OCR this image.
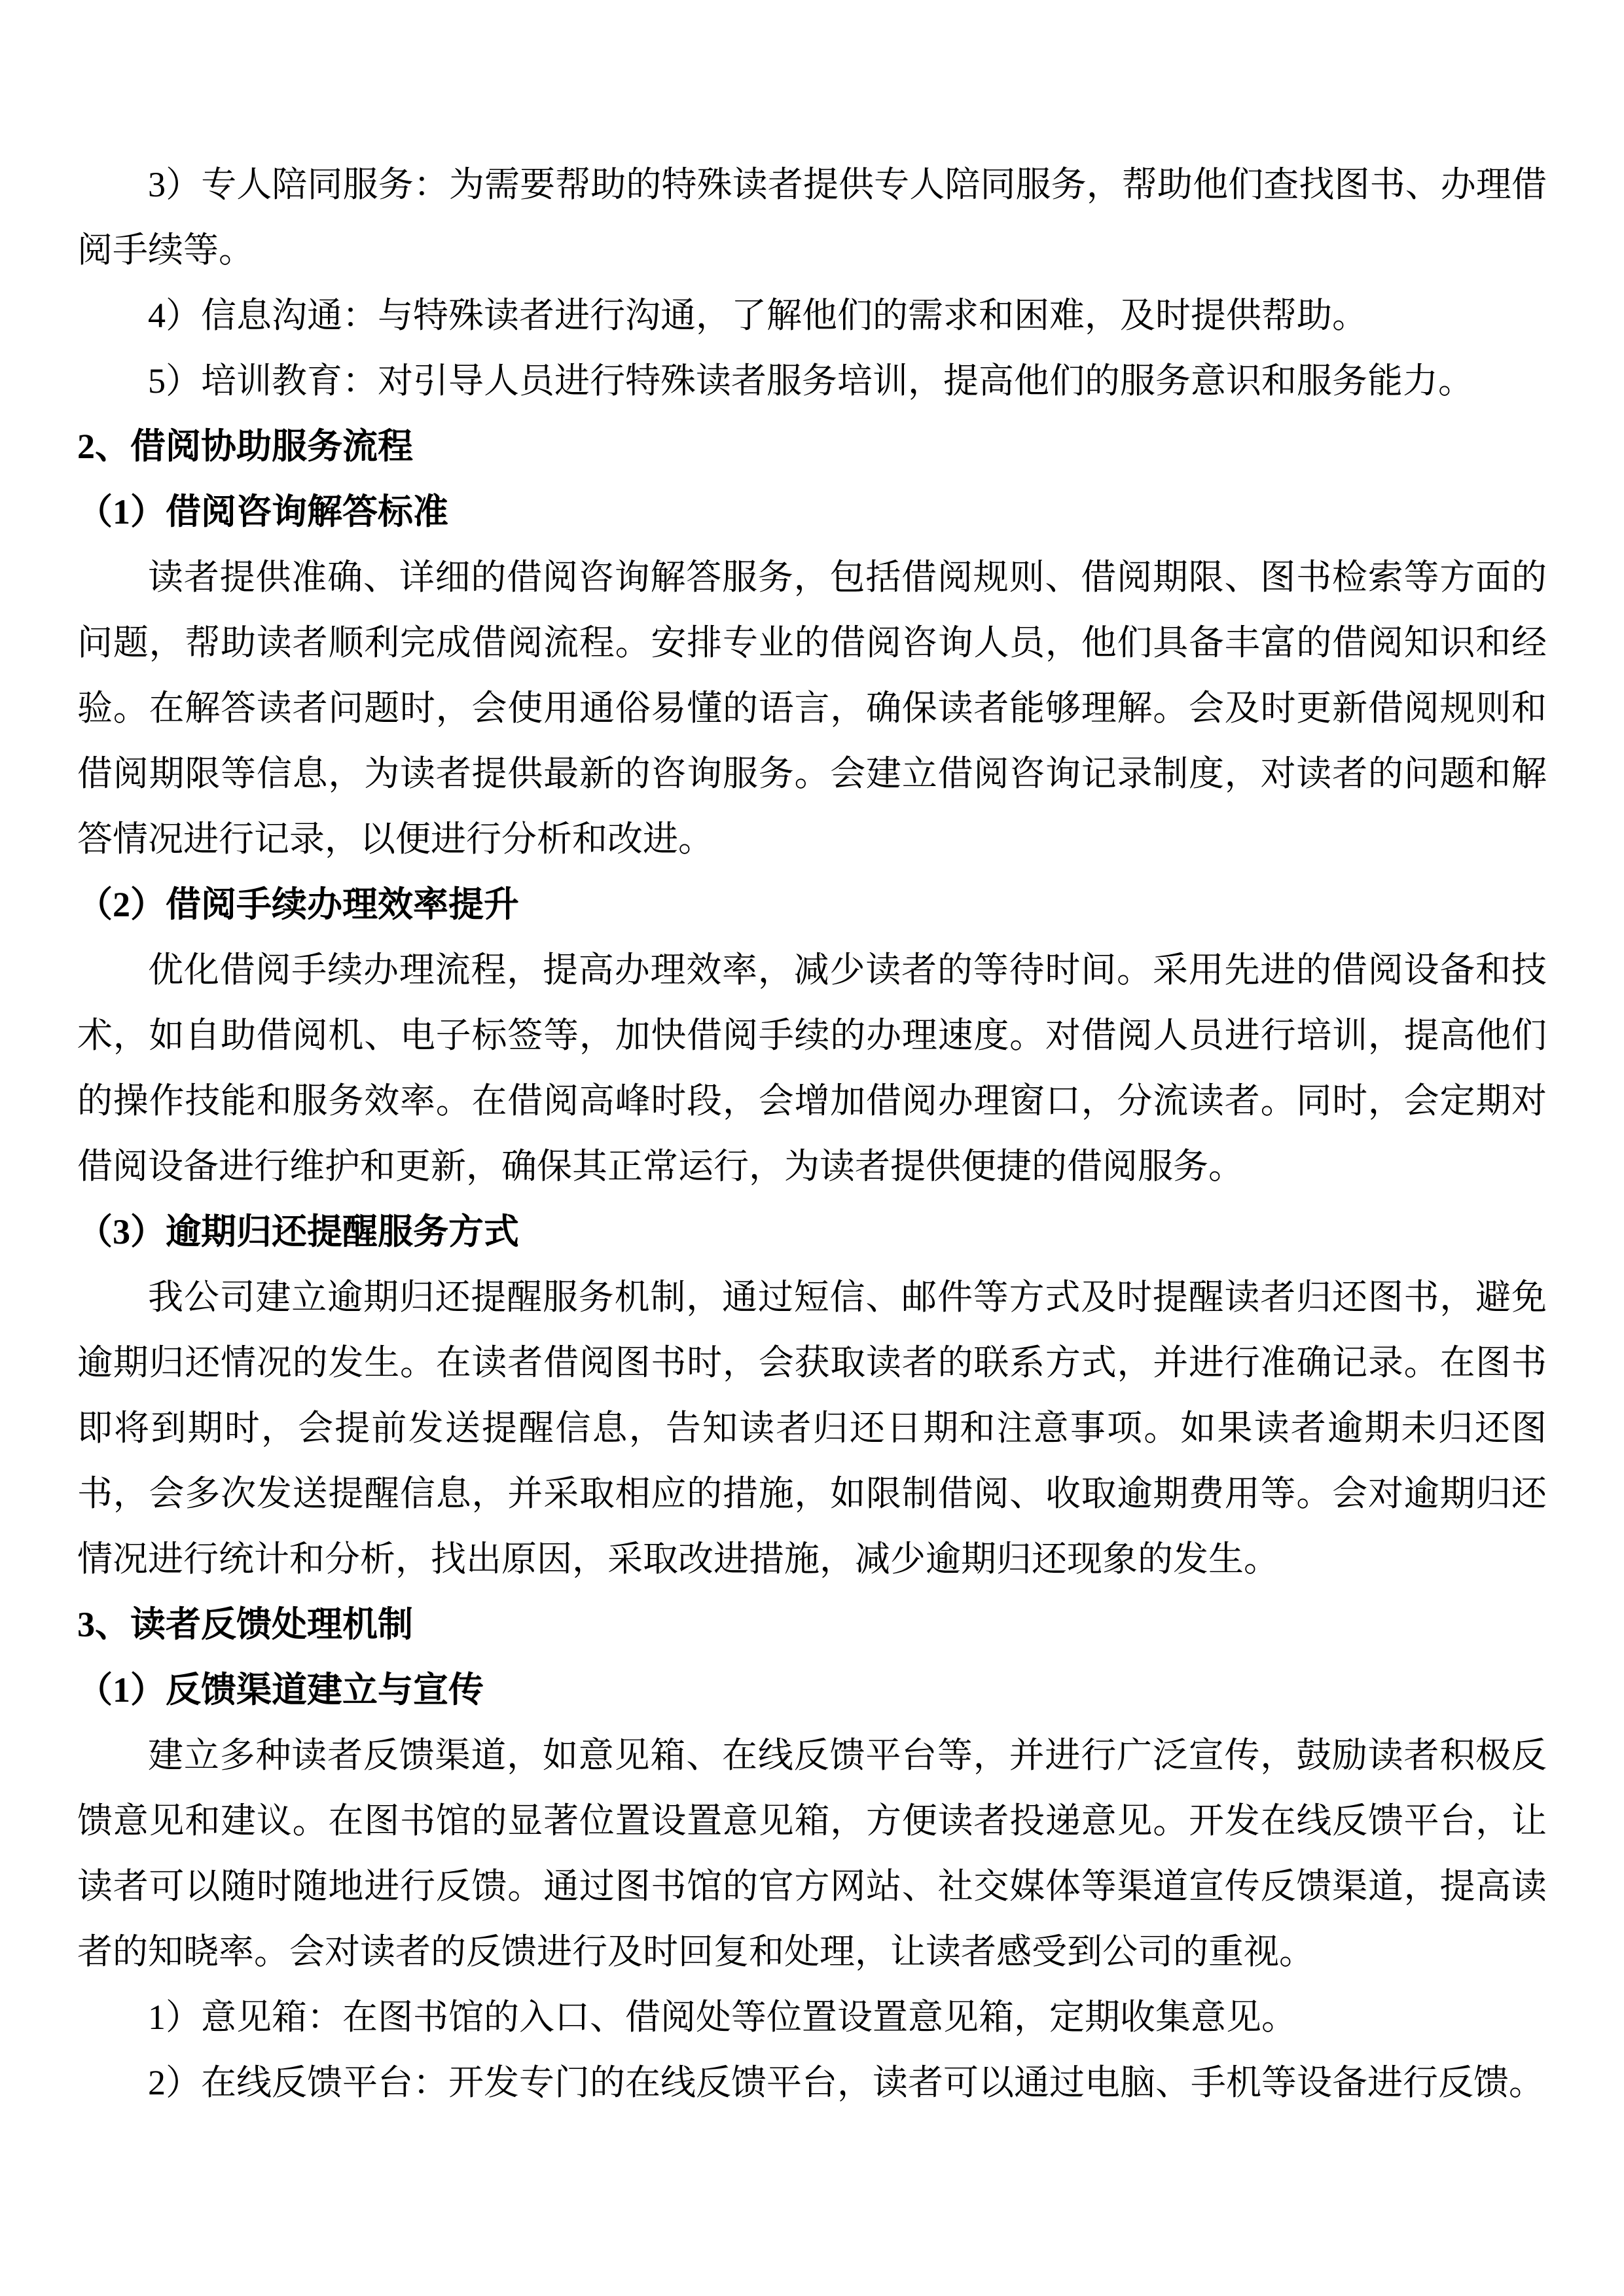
3）专人陪同服务：为需要帮助的特殊读者提供专人陪同服务，帮助他们查找图书、办理借阅手续等。

4）信息沟通：与特殊读者进行沟通，了解他们的需求和困难，及时提供帮助。

5）培训教育：对引导人员进行特殊读者服务培训，提高他们的服务意识和服务能力。

2、借阅协助服务流程
（1）借阅咨询解答标准

读者提供准确、详细的借阅咨询解答服务，包括借阅规则、借阅期限、图书检索等方面的问题，帮助读者顺利完成借阅流程。安排专业的借阅咨询人员，他们具备丰富的借阅知识和经验。在解答读者问题时，会使用通俗易懂的语言，确保读者能够理解。会及时更新借阅规则和借阅期限等信息，为读者提供最新的咨询服务。会建立借阅咨询记录制度，对读者的问题和解答情况进行记录，以便进行分析和改进。

（2）借阅手续办理效率提升

优化借阅手续办理流程，提高办理效率，减少读者的等待时间。采用先进的借阅设备和技术，如自助借阅机、电子标签等，加快借阅手续的办理速度。对借阅人员进行培训，提高他们的操作技能和服务效率。在借阅高峰时段，会增加借阅办理窗口，分流读者。同时，会定期对借阅设备进行维护和更新，确保其正常运行，为读者提供便捷的借阅服务。

（3）逾期归还提醒服务方式

我公司建立逾期归还提醒服务机制，通过短信、邮件等方式及时提醒读者归还图书，避免逾期归还情况的发生。在读者借阅图书时，会获取读者的联系方式，并进行准确记录。在图书即将到期时，会提前发送提醒信息，告知读者归还日期和注意事项。如果读者逾期未归还图书，会多次发送提醒信息，并采取相应的措施，如限制借阅、收取逾期费用等。会对逾期归还情况进行统计和分析，找出原因，采取改进措施，减少逾期归还现象的发生。

3、读者反馈处理机制
（1）反馈渠道建立与宣传

建立多种读者反馈渠道，如意见箱、在线反馈平台等，并进行广泛宣传，鼓励读者积极反馈意见和建议。在图书馆的显著位置设置意见箱，方便读者投递意见。开发在线反馈平台，让读者可以随时随地进行反馈。通过图书馆的官方网站、社交媒体等渠道宣传反馈渠道，提高读者的知晓率。会对读者的反馈进行及时回复和处理，让读者感受到公司的重视。

1）意见箱：在图书馆的入口、借阅处等位置设置意见箱，定期收集意见。

2）在线反馈平台：开发专门的在线反馈平台，读者可以通过电脑、手机等设备进行反馈。
